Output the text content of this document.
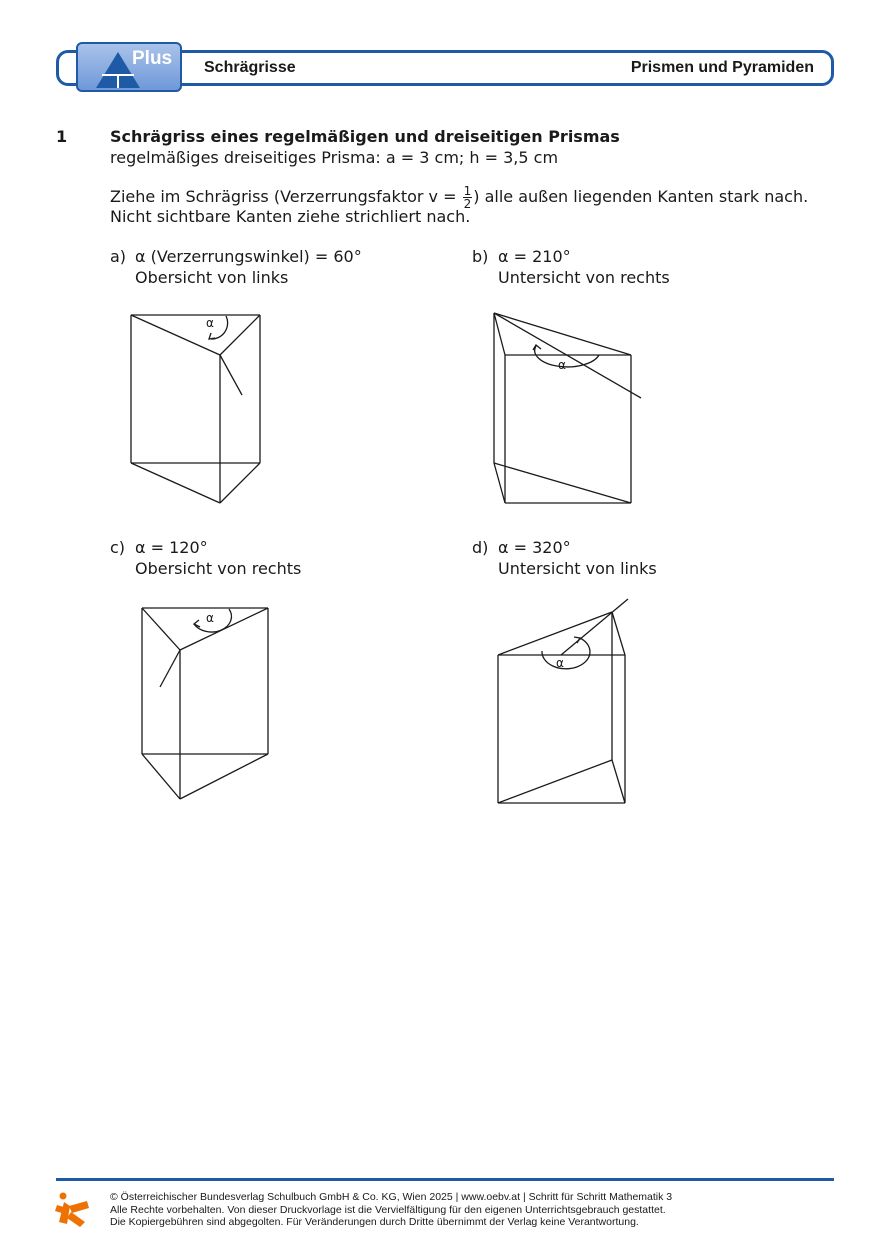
Plus Schrägrisse	Prismen und Pyramiden
1	Schrägriss eines regelmäßigen und dreiseitigen Prismas
regelmäßiges dreiseitiges Prisma: a = 3 cm; h = 3,5 cm
Ziehe im Schrägriss (Verzerrungsfaktor $v = \frac{1}{2}$ ) alle außen liegenden Kanten stark nach.
Nicht sichtbare Kanten ziehe strichliert nach.
a) α (Verzerrungswinkel) = 60°
Obersicht von links
b) α = 210°
Untersicht von rechts
c) α = 120°
Obersicht von rechts
d) α = 320°
Untersicht von links
α
α
α
α
© Österreichischer Bundesverlag Schulbuch GmbH & Co. KG, Wien 2025 | www.oebv.at | Schritt für Schritt Mathematik 3
Alle Rechte vorbehalten. Von dieser Druckvorlage ist die Vervielfältigung für den eigenen Unterrichtsgebrauch gestattet.
Die Kopiergebühren sind abgegolten. Für Veränderungen durch Dritte übernimmt der Verlag keine Verantwortung.
